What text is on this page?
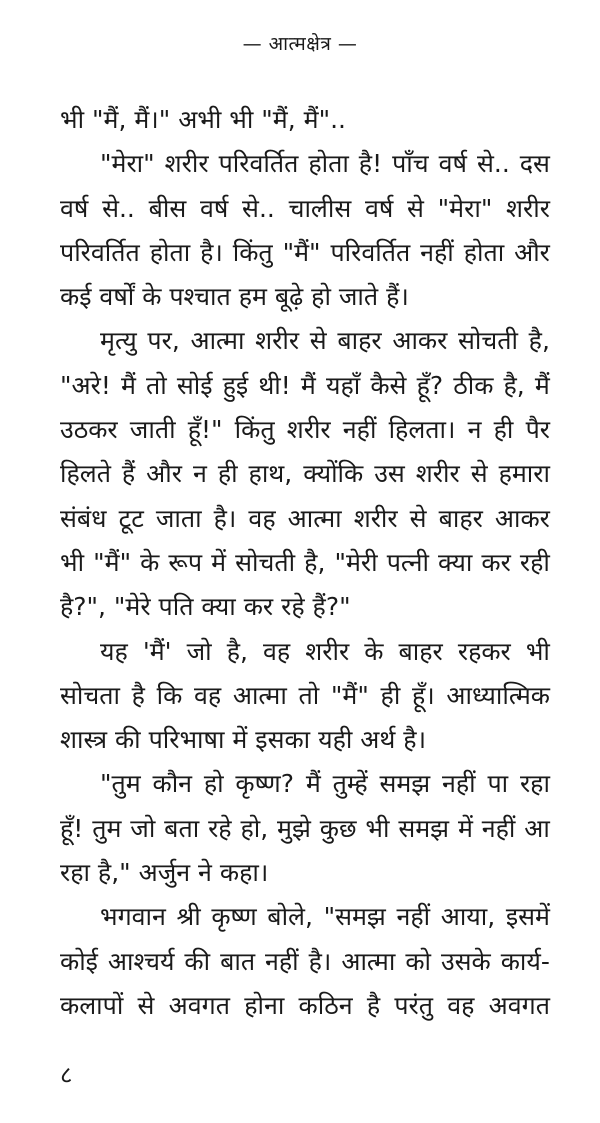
— आत्मक्षेत्र —
भी "मैं, मैं।" अभी भी "मैं, मैं"..
"मेरा" शरीर परिवर्तित होता है! पाँच वर्ष से.. दस
वर्ष से.. बीस वर्ष से.. चालीस वर्ष से "मेरा" शरीर
परिवर्तित होता है। किंतु "मैं" परिवर्तित नहीं होता और
कई वर्षों के पश्चात हम बूढ़े हो जाते हैं।
मृत्यु पर, आत्मा शरीर से बाहर आकर सोचती है,
"अरे! मैं तो सोई हुई थी! मैं यहाँ कैसे हूँ? ठीक है, मैं
उठकर जाती हूँ!" किंतु शरीर नहीं हिलता। न ही पैर
हिलते हैं और न ही हाथ, क्योंकि उस शरीर से हमारा
संबंध टूट जाता है। वह आत्मा शरीर से बाहर आकर
भी "मैं" के रूप में सोचती है, "मेरी पत्नी क्या कर रही
है?", "मेरे पति क्या कर रहे हैं?"
यह 'मैं' जो है, वह शरीर के बाहर रहकर भी
सोचता है कि वह आत्मा तो "मैं" ही हूँ। आध्यात्मिक
शास्त्र की परिभाषा में इसका यही अर्थ है।
"तुम कौन हो कृष्ण? मैं तुम्हें समझ नहीं पा रहा
हूँ! तुम जो बता रहे हो, मुझे कुछ भी समझ में नहीं आ
रहा है," अर्जुन ने कहा।
भगवान श्री कृष्ण बोले, "समझ नहीं आया, इसमें
कोई आश्चर्य की बात नहीं है। आत्मा को उसके कार्य-
कलापों से अवगत होना कठिन है परंतु वह अवगत
८
